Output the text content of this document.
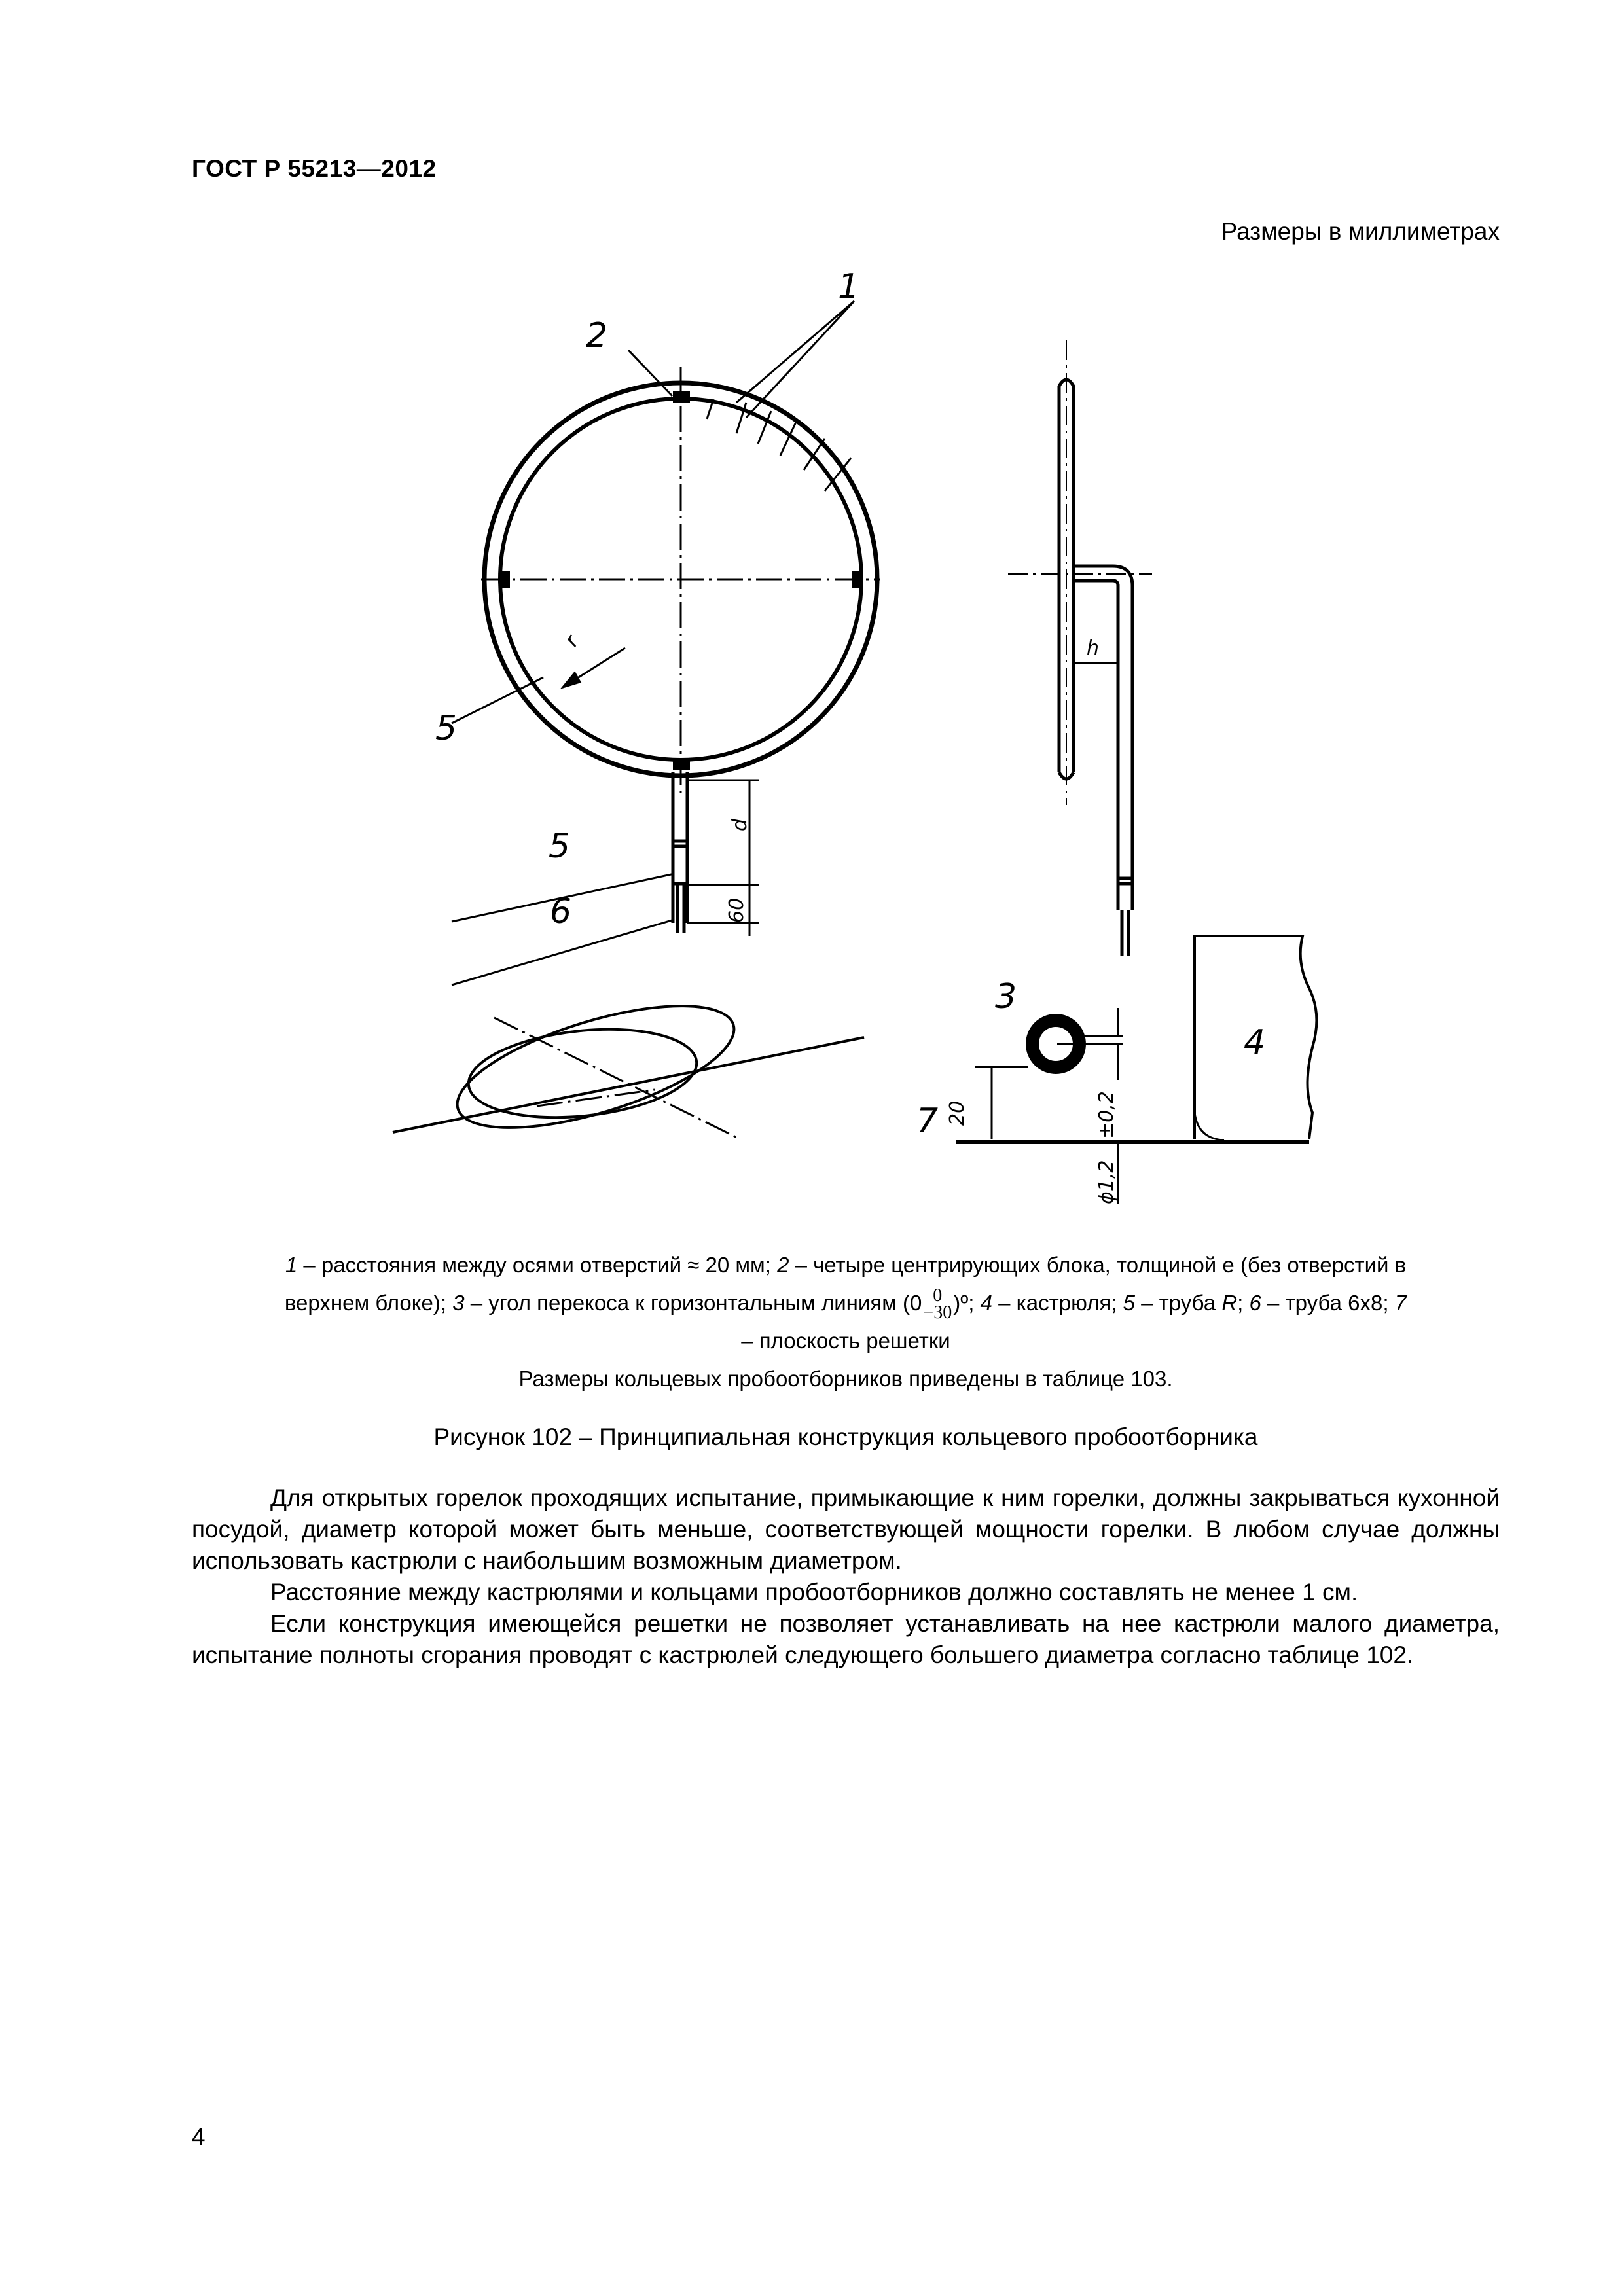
ГОСТ Р 55213—2012
Размеры в миллиметрах
1
2
5
5
6
3
4
7
r	h
d
60
20	±0,2
ϕ1,2

1 – расстояния между осями отверстий ≈ 20 мм; 2 – четыре центрирующих блока, толщиной е (без отверстий в

верхнем блоке); 3 – угол перекоса к горизонтальным линиям (0 0
−30 )º; 4 – кастрюля; 5 – труба R; 6 – труба 6х8; 7

– плоскость решетки

Размеры кольцевых пробоотборников приведены в таблице 103.

Рисунок 102 – Принципиальная конструкция кольцевого пробоотборника

Для открытых горелок проходящих испытание, примыкающие к ним горелки, должны закрываться кухонной посудой, диаметр которой может быть меньше, соответствующей мощности горелки. В любом случае должны использовать кастрюли с наибольшим возможным диаметром.

Расстояние между кастрюлями и кольцами пробоотборников должно составлять не менее 1 см.

Если конструкция имеющейся решетки не позволяет устанавливать на нее кастрюли малого диаметра, испытание полноты сгорания проводят с кастрюлей следующего большего диаметра согласно таблице 102.

4
